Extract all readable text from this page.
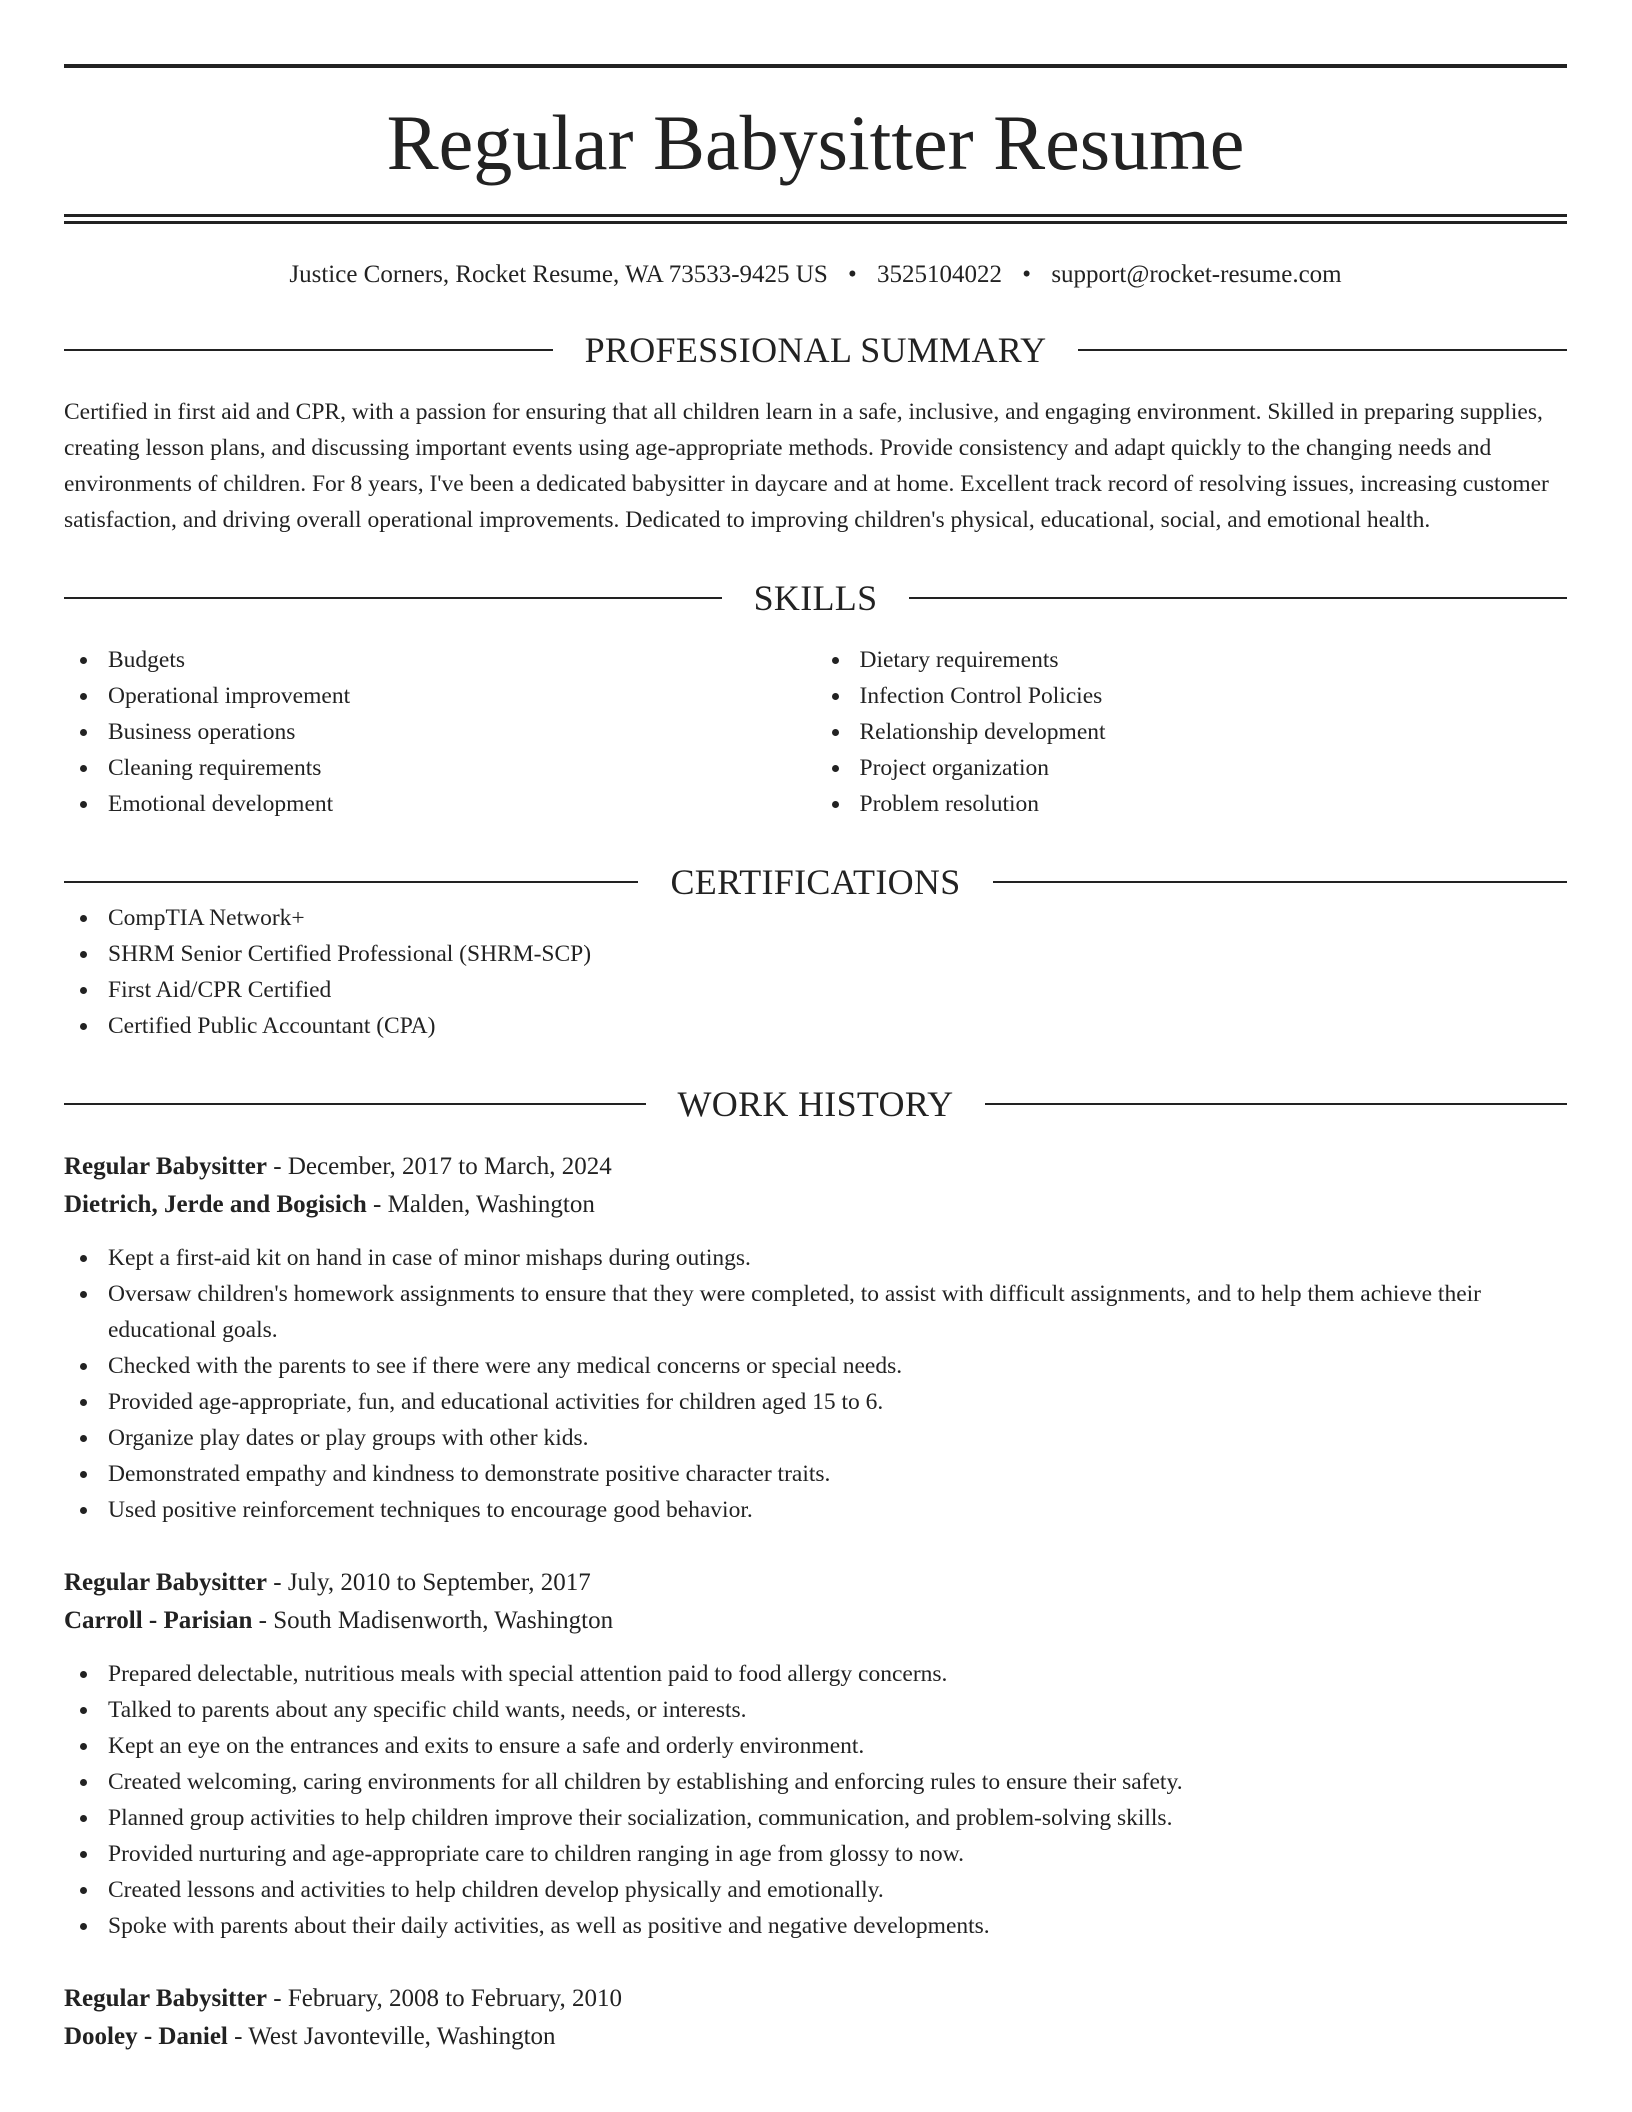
Regular Babysitter Resume
Justice Corners, Rocket Resume, WA 73533-9425 US • 3525104022 • support@rocket-resume.com
PROFESSIONAL SUMMARY

Certified in first aid and CPR, with a passion for ensuring that all children learn in a safe, inclusive, and engaging environment. Skilled in preparing supplies, creating lesson plans, and discussing important events using age-appropriate methods. Provide consistency and adapt quickly to the changing needs and environments of children. For 8 years, I've been a dedicated babysitter in daycare and at home. Excellent track record of resolving issues, increasing customer satisfaction, and driving overall operational improvements. Dedicated to improving children's physical, educational, social, and emotional health.

SKILLS
Budgets
Operational improvement
Business operations
Cleaning requirements
Emotional development
Dietary requirements
Infection Control Policies
Relationship development
Project organization
Problem resolution
CERTIFICATIONS
CompTIA Network+
SHRM Senior Certified Professional (SHRM-SCP)
First Aid/CPR Certified
Certified Public Accountant (CPA)
WORK HISTORY
Regular Babysitter - December, 2017 to March, 2024
Dietrich, Jerde and Bogisich - Malden, Washington
Kept a first-aid kit on hand in case of minor mishaps during outings.
Oversaw children's homework assignments to ensure that they were completed, to assist with difficult assignments, and to help them achieve their educational goals.
Checked with the parents to see if there were any medical concerns or special needs.
Provided age-appropriate, fun, and educational activities for children aged 15 to 6.
Organize play dates or play groups with other kids.
Demonstrated empathy and kindness to demonstrate positive character traits.
Used positive reinforcement techniques to encourage good behavior.
Regular Babysitter - July, 2010 to September, 2017
Carroll - Parisian - South Madisenworth, Washington
Prepared delectable, nutritious meals with special attention paid to food allergy concerns.
Talked to parents about any specific child wants, needs, or interests.
Kept an eye on the entrances and exits to ensure a safe and orderly environment.
Created welcoming, caring environments for all children by establishing and enforcing rules to ensure their safety.
Planned group activities to help children improve their socialization, communication, and problem-solving skills.
Provided nurturing and age-appropriate care to children ranging in age from glossy to now.
Created lessons and activities to help children develop physically and emotionally.
Spoke with parents about their daily activities, as well as positive and negative developments.
Regular Babysitter - February, 2008 to February, 2010
Dooley - Daniel - West Javonteville, Washington
